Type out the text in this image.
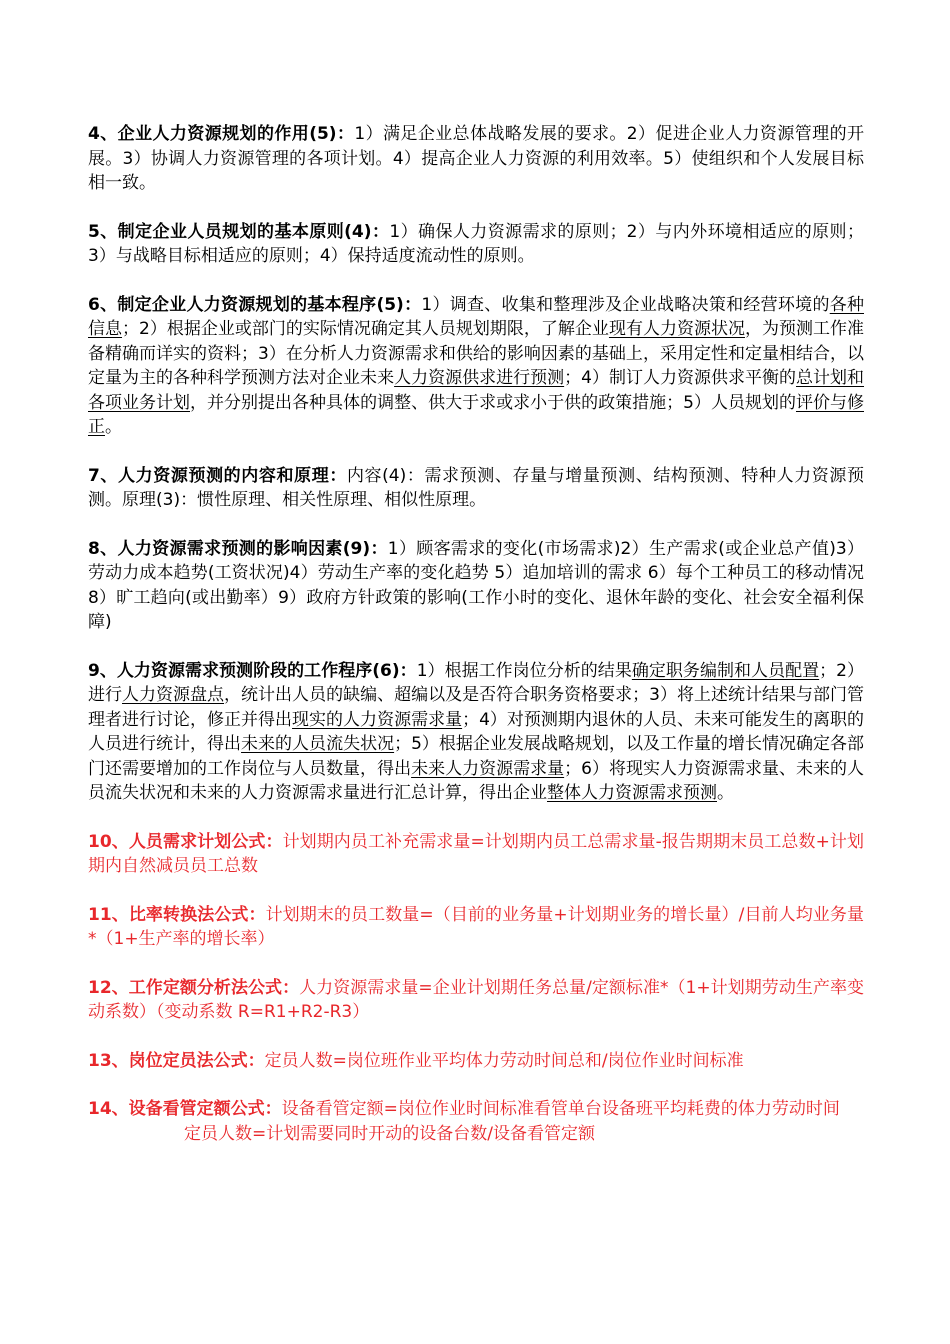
4、企业人力资源规划的作用(5)：1）满足企业总体战略发展的要求。2）促进企业人力资源管理的开展。3）协调人力资源管理的各项计划。4）提高企业人力资源的利用效率。5）使组织和个人发展目标相一致。

5、制定企业人员规划的基本原则(4)：1）确保人力资源需求的原则；2）与内外环境相适应的原则；3）与战略目标相适应的原则；4）保持适度流动性的原则。

6、制定企业人力资源规划的基本程序(5)：1）调查、收集和整理涉及企业战略决策和经营环境的各种信息；2）根据企业或部门的实际情况确定其人员规划期限，了解企业现有人力资源状况，为预测工作准备精确而详实的资料；3）在分析人力资源需求和供给的影响因素的基础上，采用定性和定量相结合，以定量为主的各种科学预测方法对企业未来人力资源供求进行预测；4）制订人力资源供求平衡的总计划和各项业务计划，并分别提出各种具体的调整、供大于求或求小于供的政策措施；5）人员规划的评价与修正。

7、人力资源预测的内容和原理：内容(4)：需求预测、存量与增量预测、结构预测、特种人力资源预测。原理(3)：惯性原理、相关性原理、相似性原理。

8、人力资源需求预测的影响因素(9)：1）顾客需求的变化(市场需求)2）生产需求(或企业总产值)3）劳动力成本趋势(工资状况)4）劳动生产率的变化趋势 5）追加培训的需求 6）每个工种员工的移动情况 8）旷工趋向(或出勤率）9）政府方针政策的影响(工作小时的变化、退休年龄的变化、社会安全福利保障)

9、人力资源需求预测阶段的工作程序(6)：1）根据工作岗位分析的结果确定职务编制和人员配置；2）进行人力资源盘点，统计出人员的缺编、超编以及是否符合职务资格要求；3）将上述统计结果与部门管理者进行讨论，修正并得出现实的人力资源需求量；4）对预测期内退休的人员、未来可能发生的离职的人员进行统计，得出未来的人员流失状况；5）根据企业发展战略规划，以及工作量的增长情况确定各部门还需要增加的工作岗位与人员数量，得出未来人力资源需求量；6）将现实人力资源需求量、未来的人员流失状况和未来的人力资源需求量进行汇总计算，得出企业整体人力资源需求预测。

10、人员需求计划公式：计划期内员工补充需求量=计划期内员工总需求量-报告期期末员工总数+计划期内自然减员员工总数

11、比率转换法公式：计划期末的员工数量=（目前的业务量+计划期业务的增长量）/目前人均业务量*（1+生产率的增长率）

12、工作定额分析法公式：人力资源需求量=企业计划期任务总量/定额标准*（1+计划期劳动生产率变动系数）（变动系数 R=R1+R2-R3）

13、岗位定员法公式：定员人数=岗位班作业平均体力劳动时间总和/岗位作业时间标准

14、设备看管定额公式：设备看管定额=岗位作业时间标准看管单台设备班平均耗费的体力劳动时间

定员人数=计划需要同时开动的设备台数/设备看管定额
